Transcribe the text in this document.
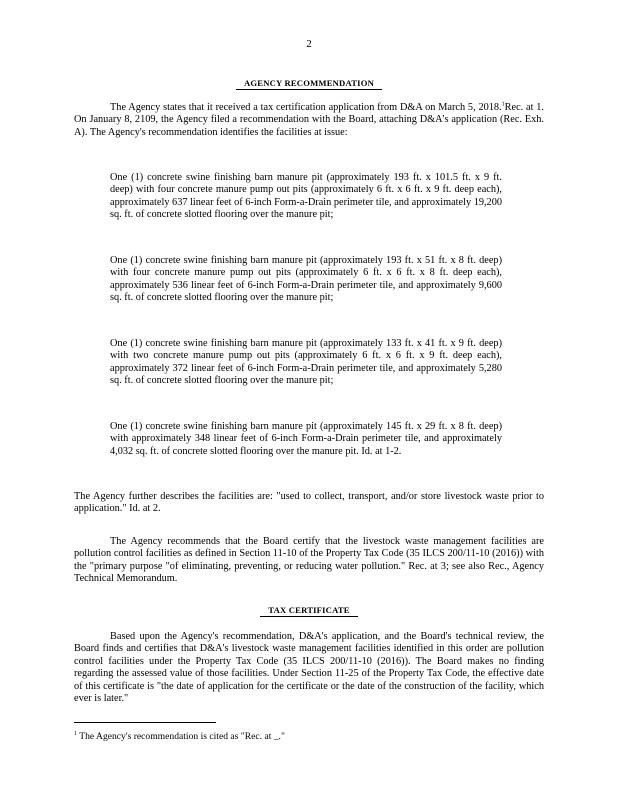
2
AGENCY RECOMMENDATION
The Agency states that it received a tax certification application from D&A on March 5, 2018.$^1$Rec. at 1. On January 8, 2109, the Agency filed a recommendation with the Board, attaching D&A's application (Rec. Exh. A). The Agency's recommendation identifies the facilities at issue:
One (1) concrete swine finishing barn manure pit (approximately 193 ft. x 101.5 ft. x 9 ft. deep) with four concrete manure pump out pits (approximately 6 ft. x 6 ft. x 9 ft. deep each), approximately 637 linear feet of 6-inch Form-a-Drain perimeter tile, and approximately 19,200 sq. ft. of concrete slotted flooring over the manure pit;
One (1) concrete swine finishing barn manure pit (approximately 193 ft. x 51 ft. x 8 ft. deep) with four concrete manure pump out pits (approximately 6 ft. x 6 ft. x 8 ft. deep each), approximately 536 linear feet of 6-inch Form-a-Drain perimeter tile, and approximately 9,600 sq. ft. of concrete slotted flooring over the manure pit;
One (1) concrete swine finishing barn manure pit (approximately 133 ft. x 41 ft. x 9 ft. deep) with two concrete manure pump out pits (approximately 6 ft. x 6 ft. x 9 ft. deep each), approximately 372 linear feet of 6-inch Form-a-Drain perimeter tile, and approximately 5,280 sq. ft. of concrete slotted flooring over the manure pit;
One (1) concrete swine finishing barn manure pit (approximately 145 ft. x 29 ft. x 8 ft. deep) with approximately 348 linear feet of 6-inch Form-a-Drain perimeter tile, and approximately 4,032 sq. ft. of concrete slotted flooring over the manure pit. Id. at 1-2.
The Agency further describes the facilities are: "used to collect, transport, and/or store livestock waste prior to application." Id. at 2.
The Agency recommends that the Board certify that the livestock waste management facilities are pollution control facilities as defined in Section 11-10 of the Property Tax Code (35 ILCS 200/11-10 (2016)) with the "primary purpose "of eliminating, preventing, or reducing water pollution." Rec. at 3; see also Rec., Agency Technical Memorandum.
TAX CERTIFICATE
Based upon the Agency's recommendation, D&A's application, and the Board's technical review, the Board finds and certifies that D&A's livestock waste management facilities identified in this order are pollution control facilities under the Property Tax Code (35 ILCS 200/11-10 (2016)). The Board makes no finding regarding the assessed value of those facilities. Under Section 11-25 of the Property Tax Code, the effective date of this certificate is "the date of application for the certificate or the date of the construction of the facility, which ever is later."
$^1$ The Agency's recommendation is cited as "Rec. at _."
